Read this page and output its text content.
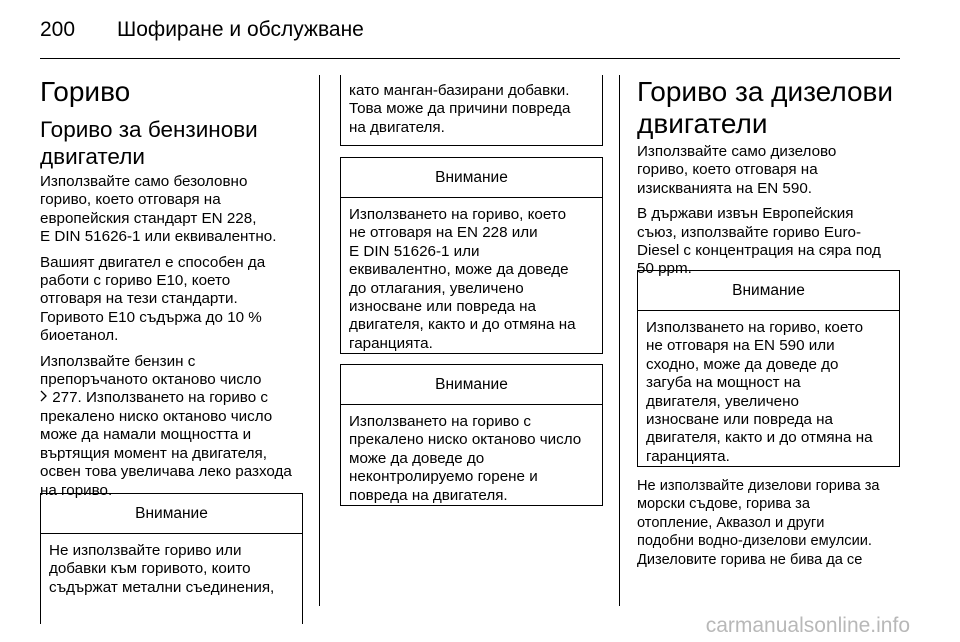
200 Шофиране и обслужване
Гориво
Гориво за бензинови
двигатели

Използвайте само безоловно
гориво, което отговаря на
европейския стандарт EN 228,
E DIN 51626-1 или еквивалентно.

Вашият двигател е способен да
работи с гориво E10, което
отговаря на тези стандарти.
Горивото E10 съдържа до 10 %
биоетанол.

Използвайте бензин с
препоръчаното октаново число
277. Използването на гориво с
прекалено ниско октаново число
може да намали мощността и
въртящия момент на двигателя,
освен това увеличава леко разхода
на гориво.

Внимание
Не използвайте гориво или
добавки към горивото, които
съдържат метални съединения,
като манган-базирани добавки.
Това може да причини повреда
на двигателя.
Внимание
Използването на гориво, което
не отговаря на EN 228 или
E DIN 51626-1 или
еквивалентно, може да доведе
до отлагания, увеличено
износване или повреда на
двигателя, както и до отмяна на
гаранцията.
Внимание
Използването на гориво с
прекалено ниско октаново число
може да доведе до
неконтролируемо горене и
повреда на двигателя.
Гориво за дизелови
двигатели

Използвайте само дизелово
гориво, което отговаря на
изискванията на EN 590.

В държави извън Европейския
съюз, използвайте гориво Euro-
Diesel с концентрация на сяра под
50 ppm.

Внимание
Използването на гориво, което
не отговаря на EN 590 или
сходно, може да доведе до
загуба на мощност на
двигателя, увеличено
износване или повреда на
двигателя, както и до отмяна на
гаранцията.

Не използвайте дизелови горива за
морски съдове, горива за
отопление, Аквазол и други
подобни водно-дизелови емулсии.
Дизеловите горива не бива да се

carmanualsonline.info
